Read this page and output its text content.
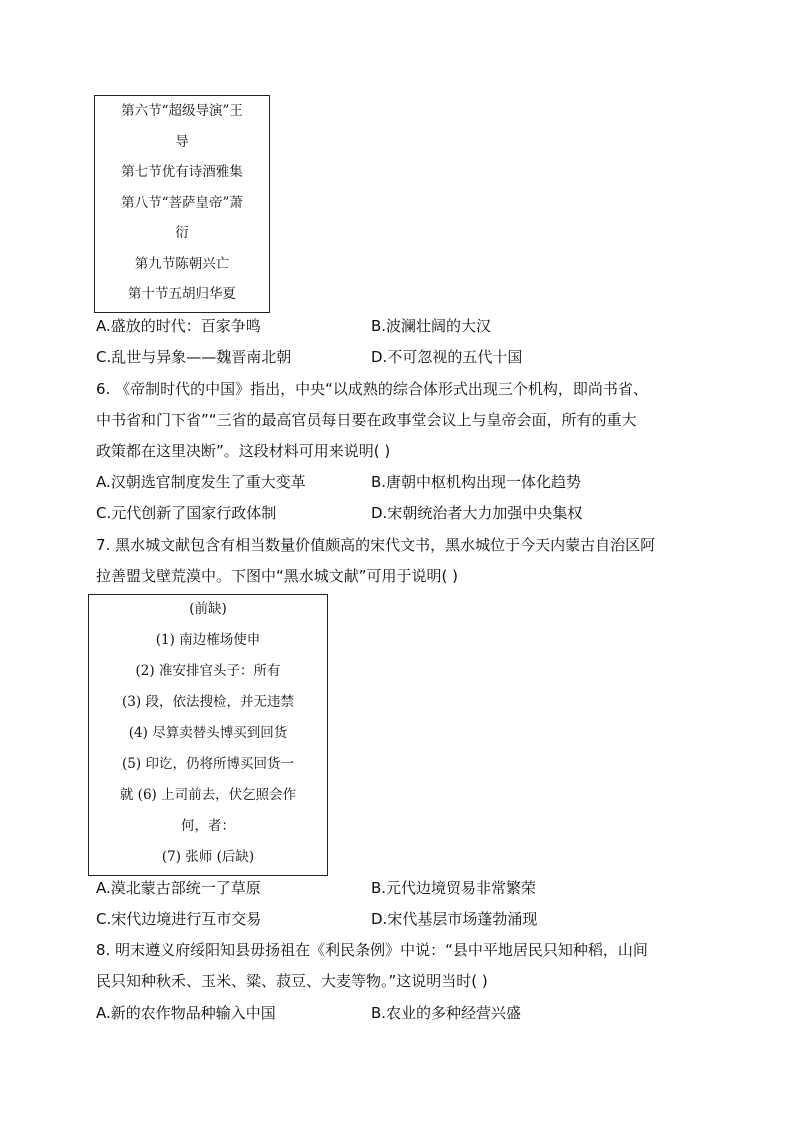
第六节“超级导演”王
导
第七节优有诗酒雅集
第八节“菩萨皇帝”萧
衍
第九节陈朝兴亡
第十节五胡归华夏
A.盛放的时代：百家争鸣	B.波澜壮阔的大汉
C.乱世与异象——魏晋南北朝	D.不可忽视的五代十国
6. 《帝制时代的中国》指出，中央“以成熟的综合体形式出现三个机构，即尚书省、
中书省和门下省”“三省的最高官员每日要在政事堂会议上与皇帝会面，所有的重大
政策都在这里决断”。这段材料可用来说明( )
A.汉朝选官制度发生了重大变革	B.唐朝中枢机构出现一体化趋势
C.元代创新了国家行政体制	D.宋朝统治者大力加强中央集权
7. 黑水城文献包含有相当数量价值颇高的宋代文书，黑水城位于今天内蒙古自治区阿
拉善盟戈壁荒漠中。下图中“黑水城文献”可用于说明( )
(前缺)
(1) 南边榷场使申
(2) 准安排官头子：所有
(3) 段，依法搜检，并无违禁
(4) 尽算卖替头博买到回货
(5) 印讫，仍将所博买回货一
就 (6) 上司前去，伏乞照会作
何，者：
(7) 张师 (后缺)
A.漠北蒙古部统一了草原	B.元代边境贸易非常繁荣
C.宋代边境进行互市交易	D.宋代基层市场蓬勃涌现
8. 明末遵义府绥阳知县毋扬祖在《利民条例》中说：“县中平地居民只知种稻，山间
民只知种秋禾、玉米、粱、菽豆、大麦等物。”这说明当时( )
A.新的农作物品种输入中国	B.农业的多种经营兴盛
